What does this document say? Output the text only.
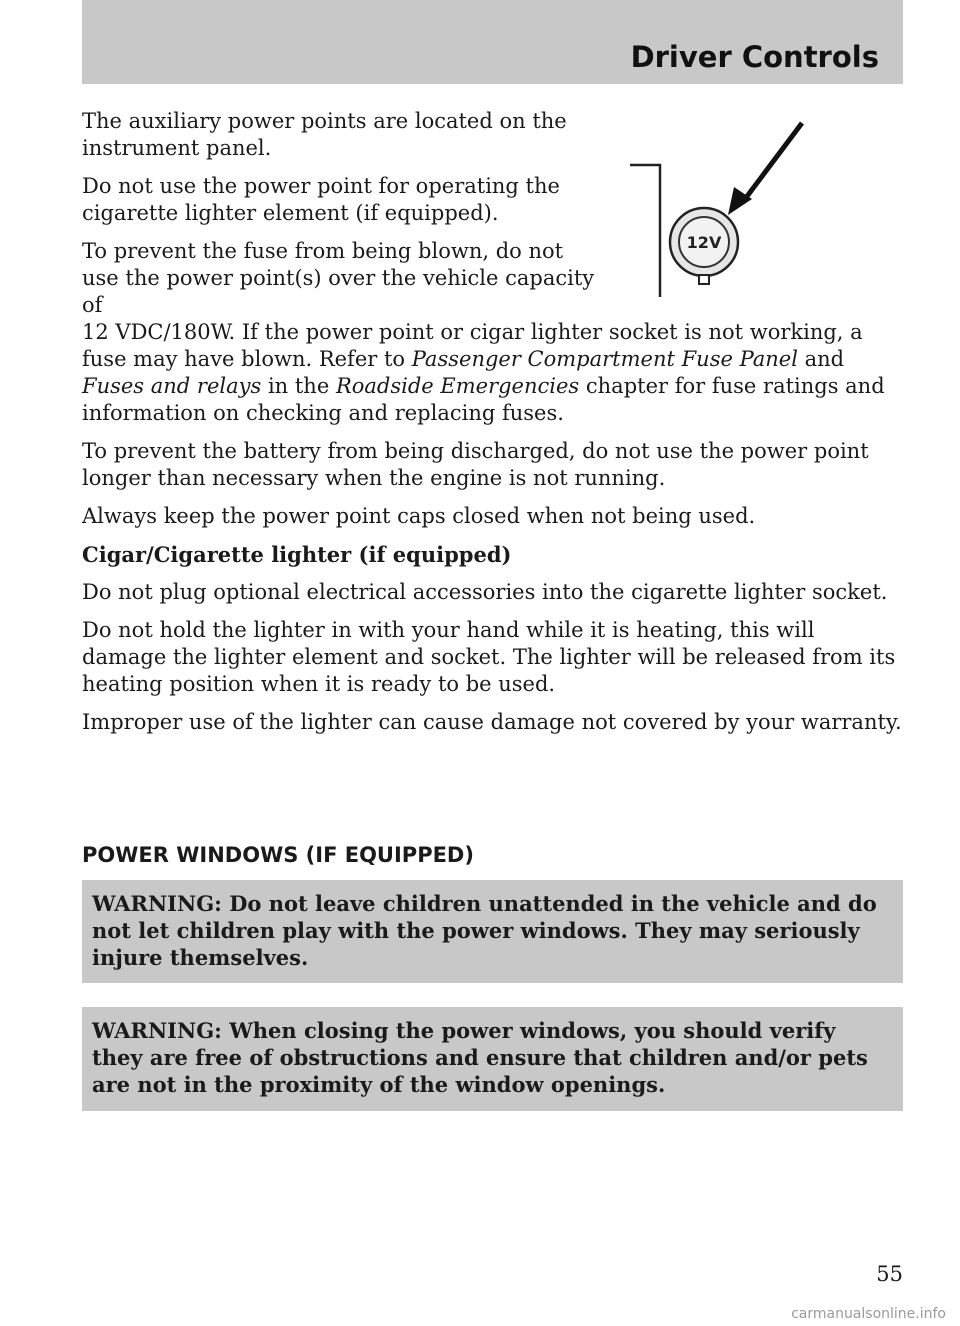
Driver Controls
12V

The auxiliary power points are located on the instrument panel.

Do not use the power point for operating the cigarette lighter element (if equipped).

To prevent the fuse from being blown, do not use the power point(s) over the vehicle capacity of

12 VDC/180W. If the power point or cigar lighter socket is not working, a fuse may have blown. Refer to Passenger Compartment Fuse Panel and Fuses and relays in the Roadside Emergencies chapter for fuse ratings and information on checking and replacing fuses.

To prevent the battery from being discharged, do not use the power point longer than necessary when the engine is not running.

Always keep the power point caps closed when not being used.

Cigar/Cigarette lighter (if equipped)

Do not plug optional electrical accessories into the cigarette lighter socket.

Do not hold the lighter in with your hand while it is heating, this will damage the lighter element and socket. The lighter will be released from its heating position when it is ready to be used.

Improper use of the lighter can cause damage not covered by your warranty.

POWER WINDOWS (IF EQUIPPED)
WARNING: Do not leave children unattended in the vehicle and do not let children play with the power windows. They may seriously injure themselves.
WARNING: When closing the power windows, you should verify they are free of obstructions and ensure that children and/or pets are not in the proximity of the window openings.
55
carmanualsonline.info
